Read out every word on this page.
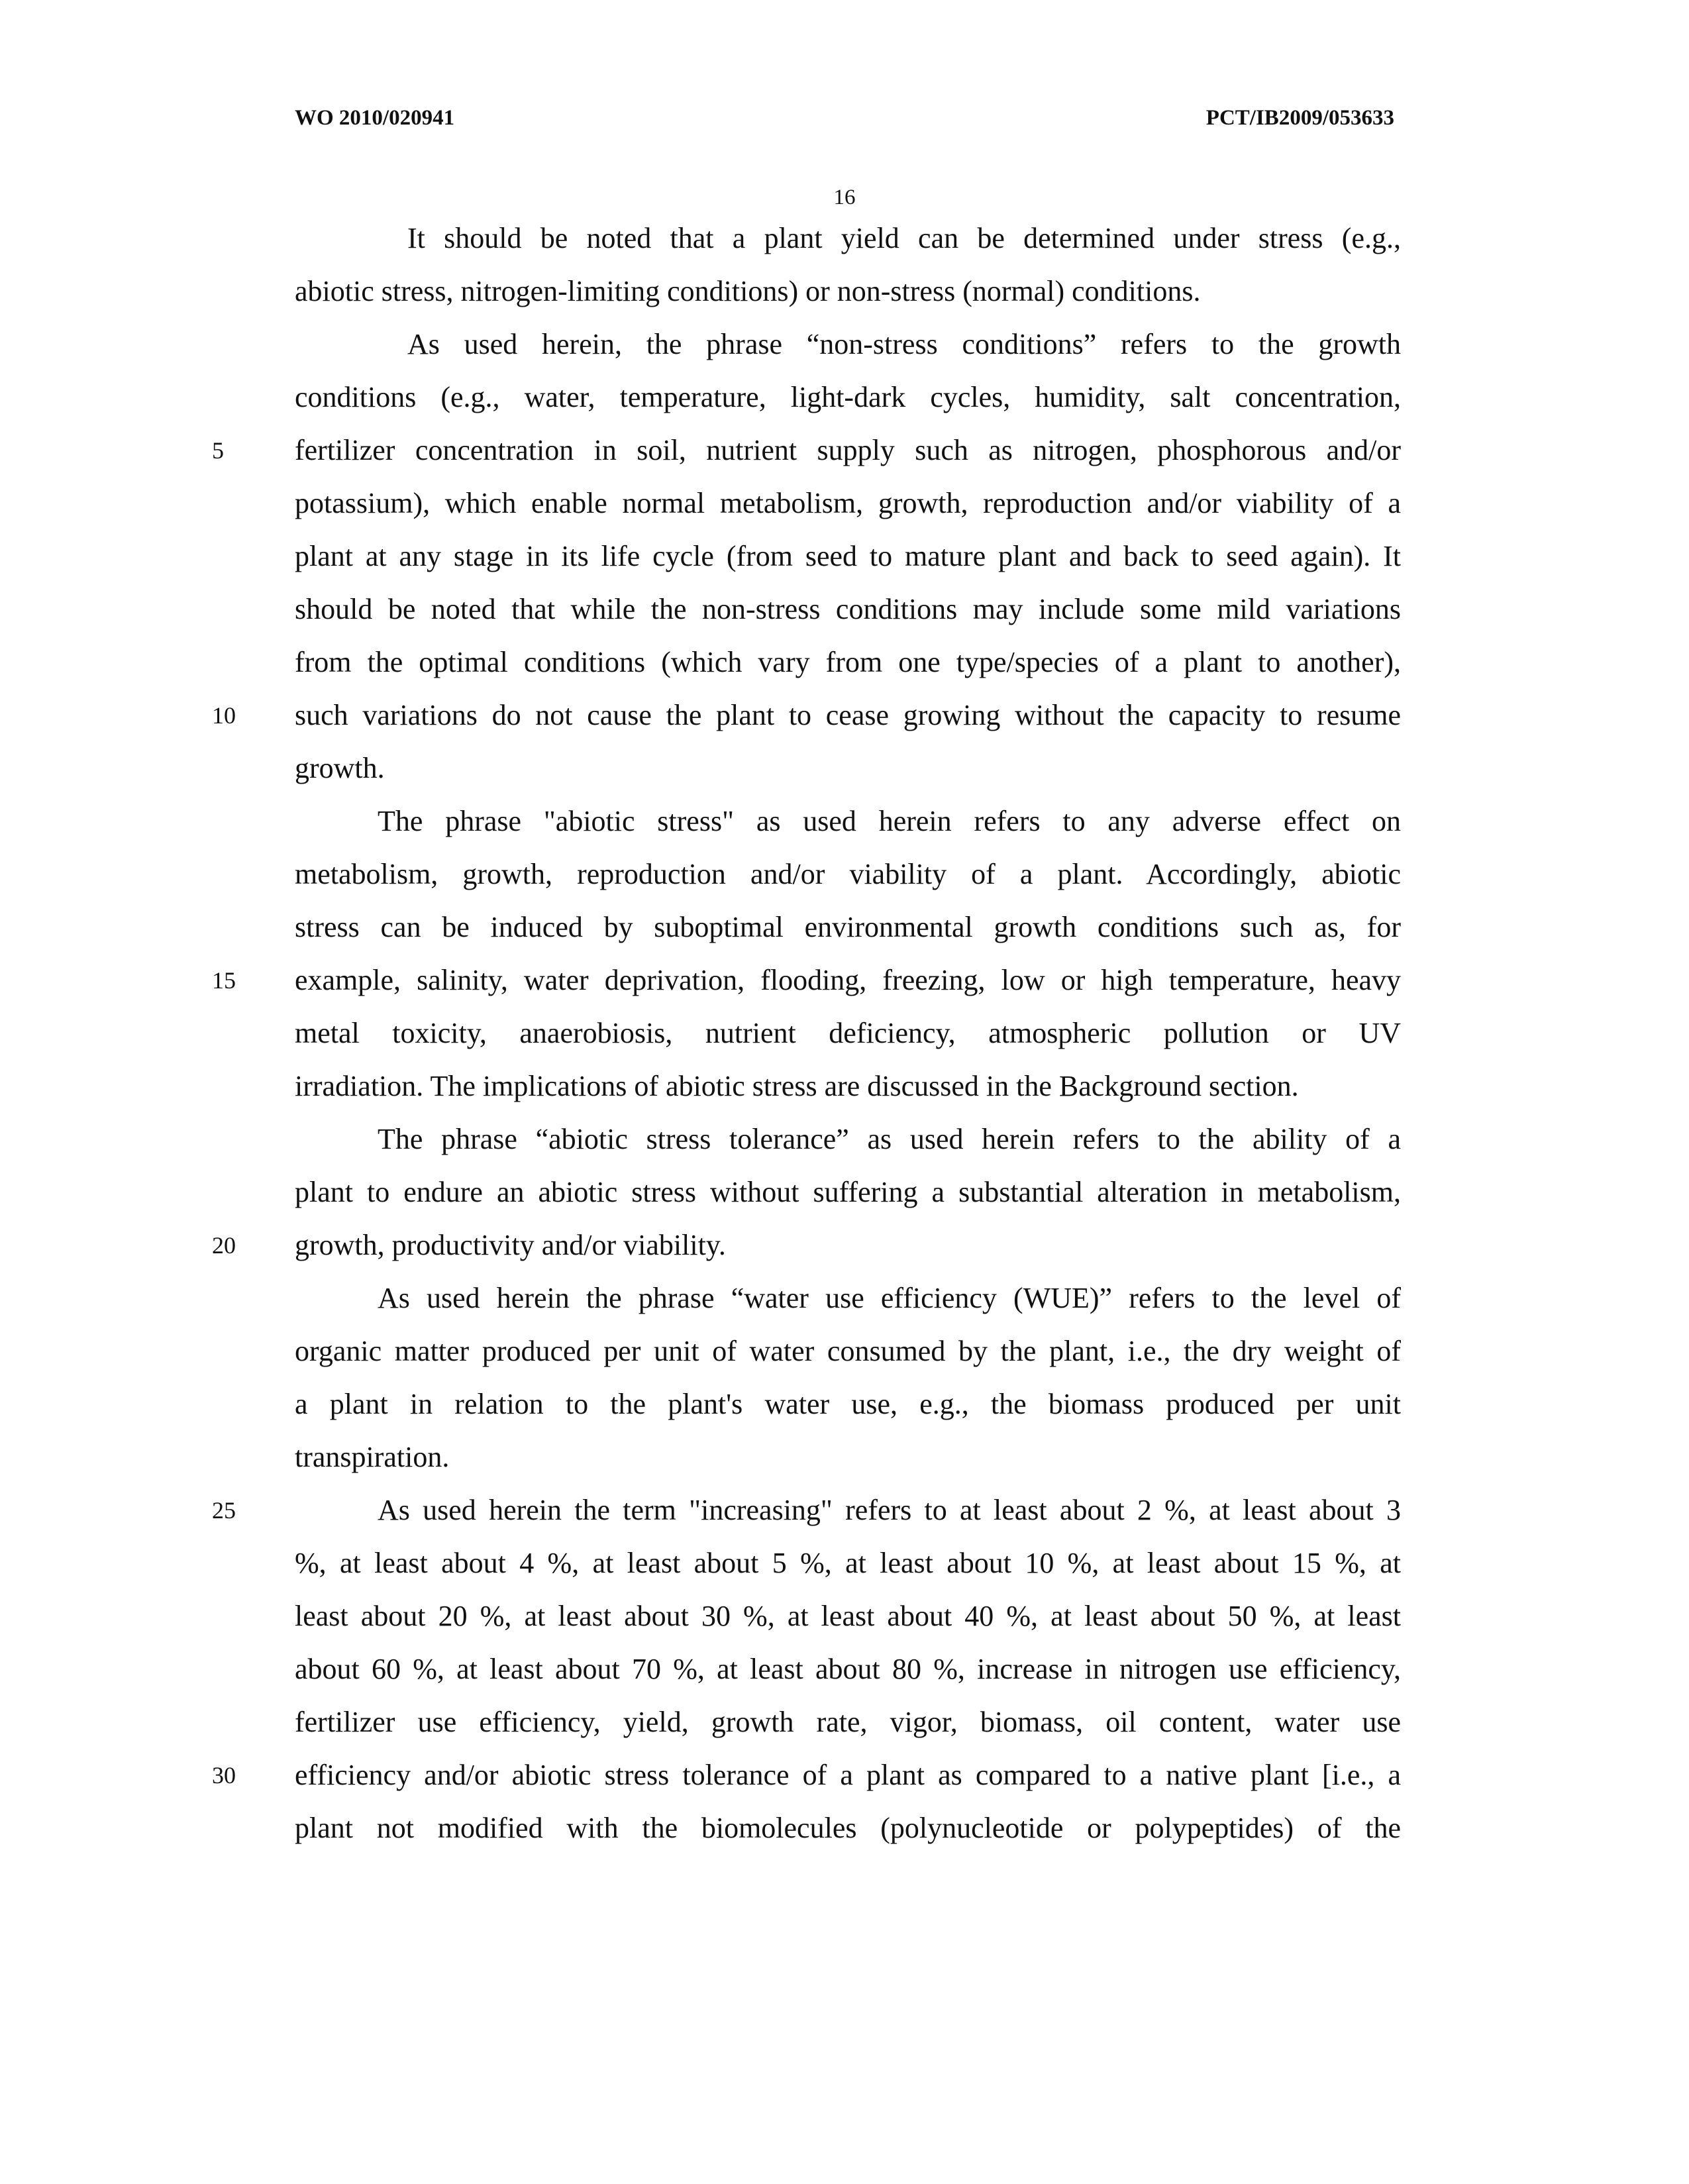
WO 2010/020941	PCT/IB2009/053633
16
It should be noted that a plant yield can be determined under stress (e.g.,
abiotic stress, nitrogen-limiting conditions) or non-stress (normal) conditions.
As used herein, the phrase “non-stress conditions” refers to the growth
conditions (e.g., water, temperature, light-dark cycles, humidity, salt concentration,
fertilizer concentration in soil, nutrient supply such as nitrogen, phosphorous and/or
potassium), which enable normal metabolism, growth, reproduction and/or viability of a
plant at any stage in its life cycle (from seed to mature plant and back to seed again). It
should be noted that while the non-stress conditions may include some mild variations
from the optimal conditions (which vary from one type/species of a plant to another),
such variations do not cause the plant to cease growing without the capacity to resume
growth.
The phrase "abiotic stress" as used herein refers to any adverse effect on
metabolism, growth, reproduction and/or viability of a plant. Accordingly, abiotic
stress can be induced by suboptimal environmental growth conditions such as, for
example, salinity, water deprivation, flooding, freezing, low or high temperature, heavy
metal toxicity, anaerobiosis, nutrient deficiency, atmospheric pollution or UV
irradiation. The implications of abiotic stress are discussed in the Background section.
The phrase “abiotic stress tolerance” as used herein refers to the ability of a
plant to endure an abiotic stress without suffering a substantial alteration in metabolism,
growth, productivity and/or viability.
As used herein the phrase “water use efficiency (WUE)” refers to the level of
organic matter produced per unit of water consumed by the plant, i.e., the dry weight of
a plant in relation to the plant's water use, e.g., the biomass produced per unit
transpiration.
As used herein the term "increasing" refers to at least about 2 %, at least about 3
%, at least about 4 %, at least about 5 %, at least about 10 %, at least about 15 %, at
least about 20 %, at least about 30 %, at least about 40 %, at least about 50 %, at least
about 60 %, at least about 70 %, at least about 80 %, increase in nitrogen use efficiency,
fertilizer use efficiency, yield, growth rate, vigor, biomass, oil content, water use
efficiency and/or abiotic stress tolerance of a plant as compared to a native plant [i.e., a
plant not modified with the biomolecules (polynucleotide or polypeptides) of the
5
10
15
20
25
30
